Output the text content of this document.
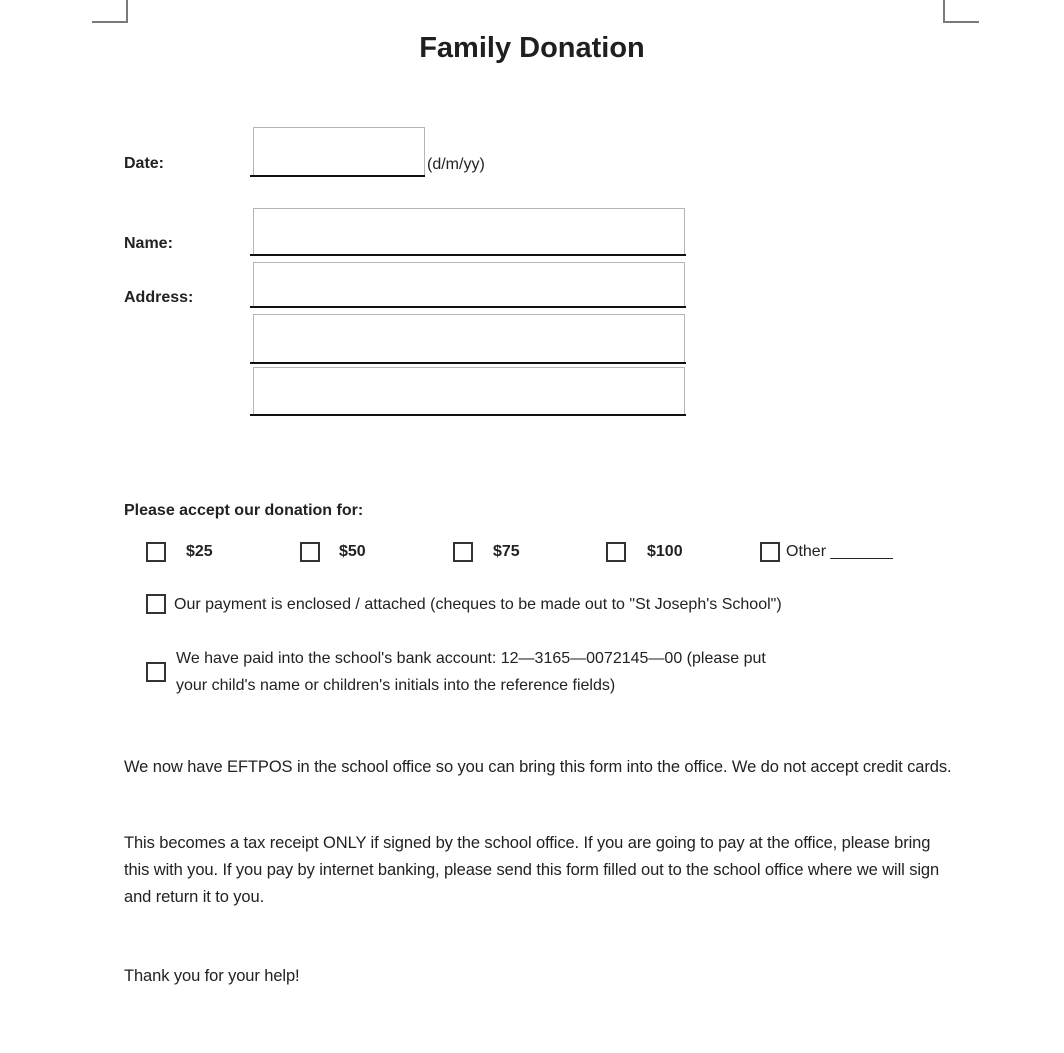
Family Donation
Date:	(d/m/yy)
Name:
Address:
Please accept our donation for:
$25	$50	$75	$100	Other _______
Our payment is enclosed / attached (cheques to be made out to "St Joseph's School")
We have paid into the school's bank account: 12—3165—0072145—00 (please put
your child's name or children's initials into the reference fields)
We now have EFTPOS in the school office so you can bring this form into the office. We do not accept credit cards.
This becomes a tax receipt ONLY if signed by the school office. If you are going to pay at the office, please bring this with you. If you pay by internet banking, please send this form filled out to the school office where we will sign and return it to you.
Thank you for your help!
